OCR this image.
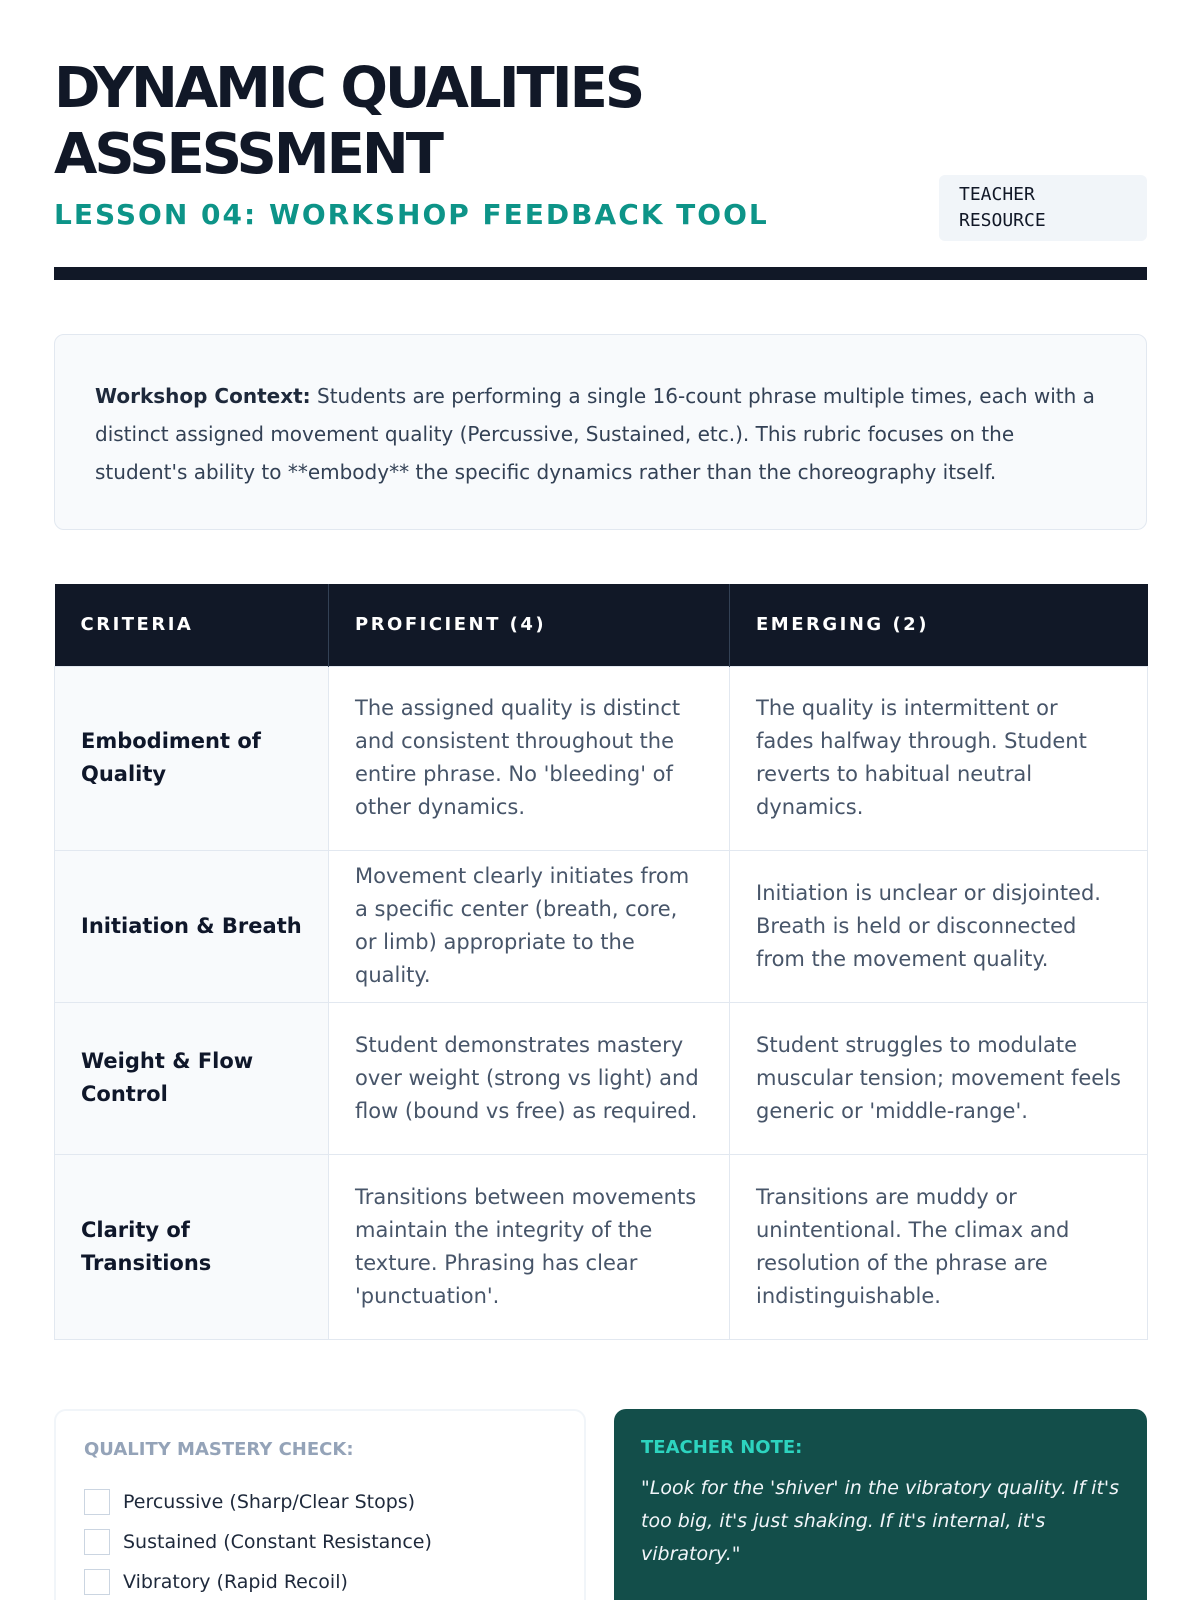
DYNAMIC QUALITIES ASSESSMENT
LESSON 04: WORKSHOP FEEDBACK TOOL
TEACHER RESOURCE
Workshop Context: Students are performing a single 16-count phrase multiple times, each with a distinct assigned movement quality (Percussive, Sustained, etc.). This rubric focuses on the student's ability to **embody** the specific dynamics rather than the choreography itself.
CRITERIA	PROFICIENT (4)	EMERGING (2)
Embodiment of Quality	The assigned quality is distinct and consistent throughout the entire phrase. No 'bleeding' of other dynamics.	The quality is intermittent or fades halfway through. Student reverts to habitual neutral dynamics.
Initiation & Breath	Movement clearly initiates from a specific center (breath, core, or limb) appropriate to the quality.	Initiation is unclear or disjointed. Breath is held or disconnected from the movement quality.
Weight & Flow Control	Student demonstrates mastery over weight (strong vs light) and flow (bound vs free) as required.	Student struggles to modulate muscular tension; movement feels generic or 'middle-range'.
Clarity of Transitions	Transitions between movements maintain the integrity of the texture. Phrasing has clear 'punctuation'.	Transitions are muddy or unintentional. The climax and resolution of the phrase are indistinguishable.
QUALITY MASTERY CHECK:
Percussive (Sharp/Clear Stops)
Sustained (Constant Resistance)
Vibratory (Rapid Recoil)
TEACHER NOTE:
"Look for the 'shiver' in the vibratory quality. If it's too big, it's just shaking. If it's internal, it's vibratory."
